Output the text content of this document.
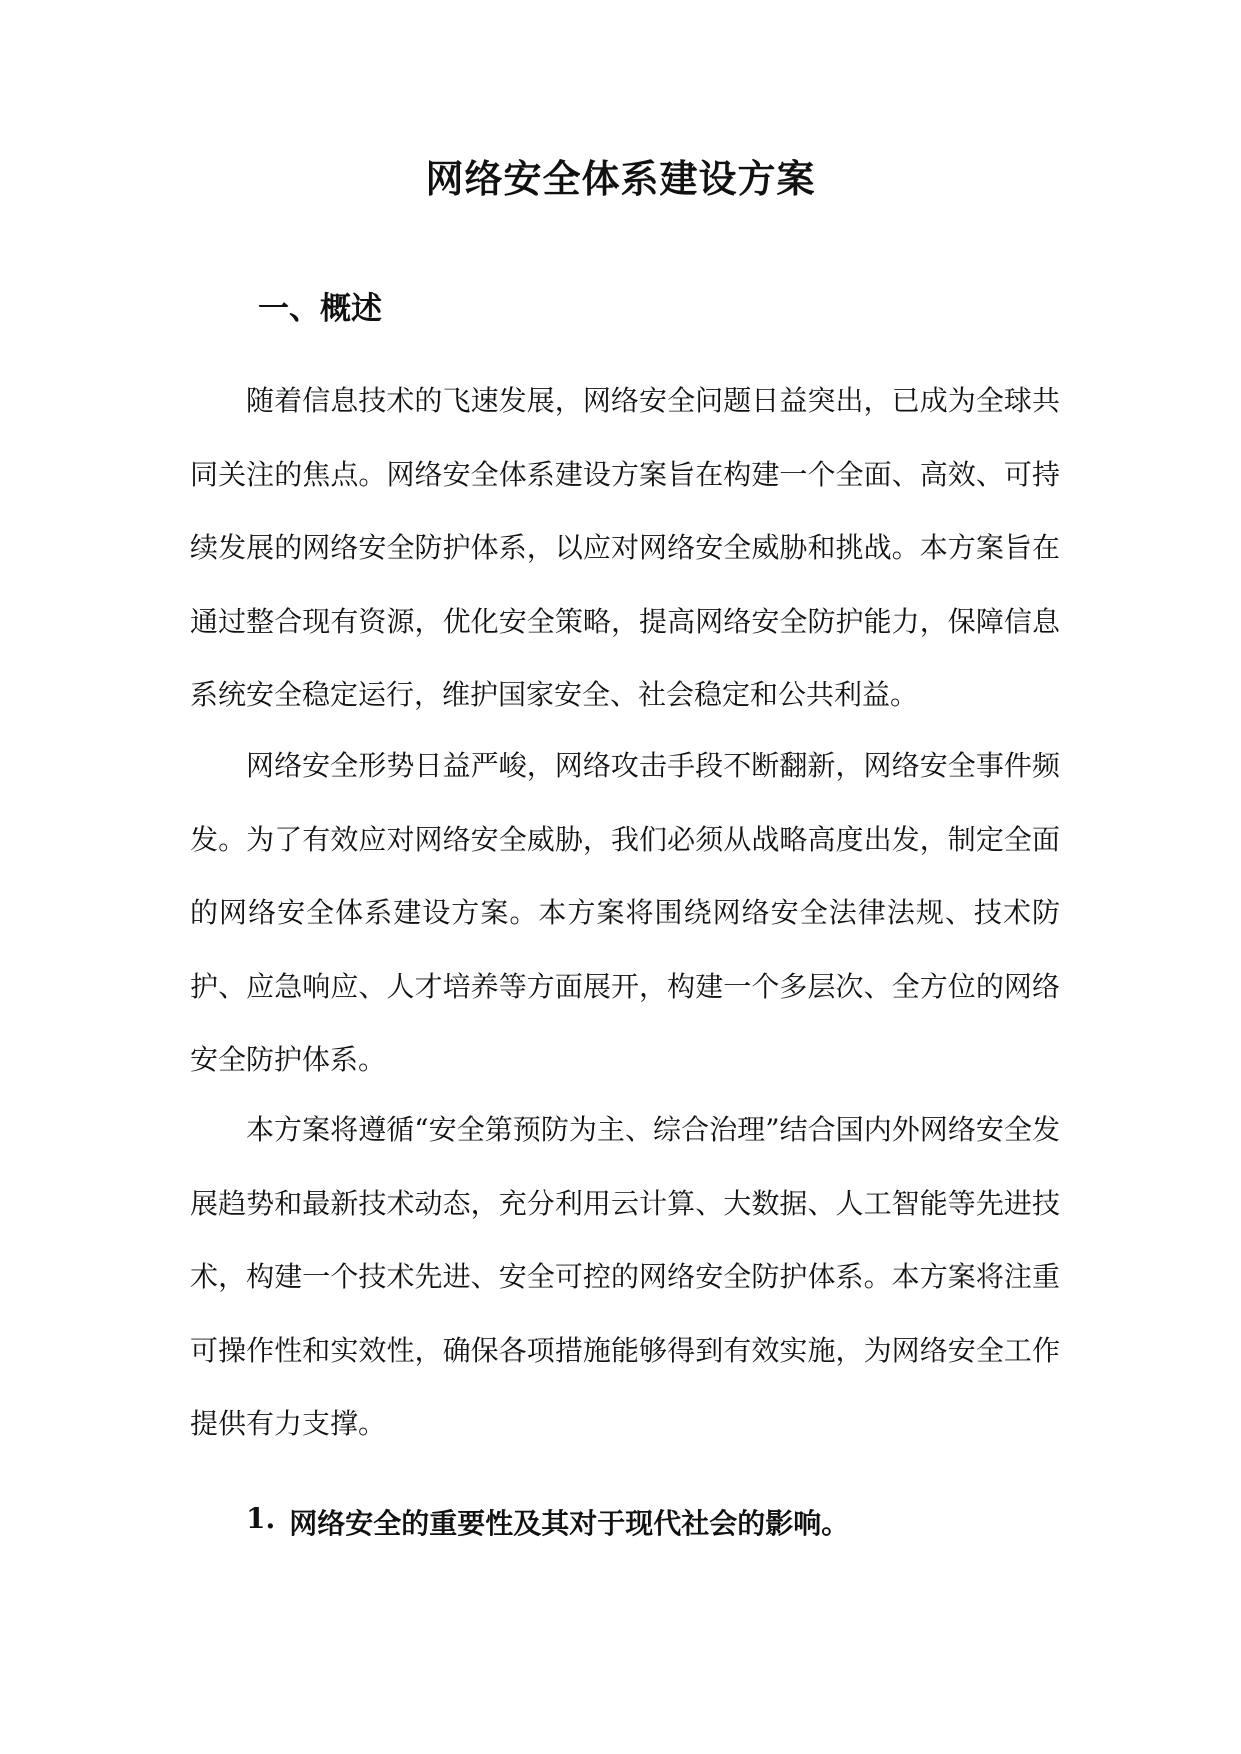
网络安全体系建设方案
一、概述

随着信息技术的飞速发展，网络安全问题日益突出，已成为全球共同关注的焦点。网络安全体系建设方案旨在构建一个全面、高效、可持续发展的网络安全防护体系，以应对网络安全威胁和挑战。本方案旨在通过整合现有资源，优化安全策略，提高网络安全防护能力，保障信息系统安全稳定运行，维护国家安全、社会稳定和公共利益。

网络安全形势日益严峻，网络攻击手段不断翻新，网络安全事件频发。为了有效应对网络安全威胁，我们必须从战略高度出发，制定全面的网络安全体系建设方案。本方案将围绕网络安全法律法规、技术防护、应急响应、人才培养等方面展开，构建一个多层次、全方位的网络安全防护体系。

本方案将遵循“安全第预防为主、综合治理”结合国内外网络安全发展趋势和最新技术动态，充分利用云计算、大数据、人工智能等先进技术，构建一个技术先进、安全可控的网络安全防护体系。本方案将注重可操作性和实效性，确保各项措施能够得到有效实施，为网络安全工作提供有力支撑。

1. 网络安全的重要性及其对于现代社会的影响。
